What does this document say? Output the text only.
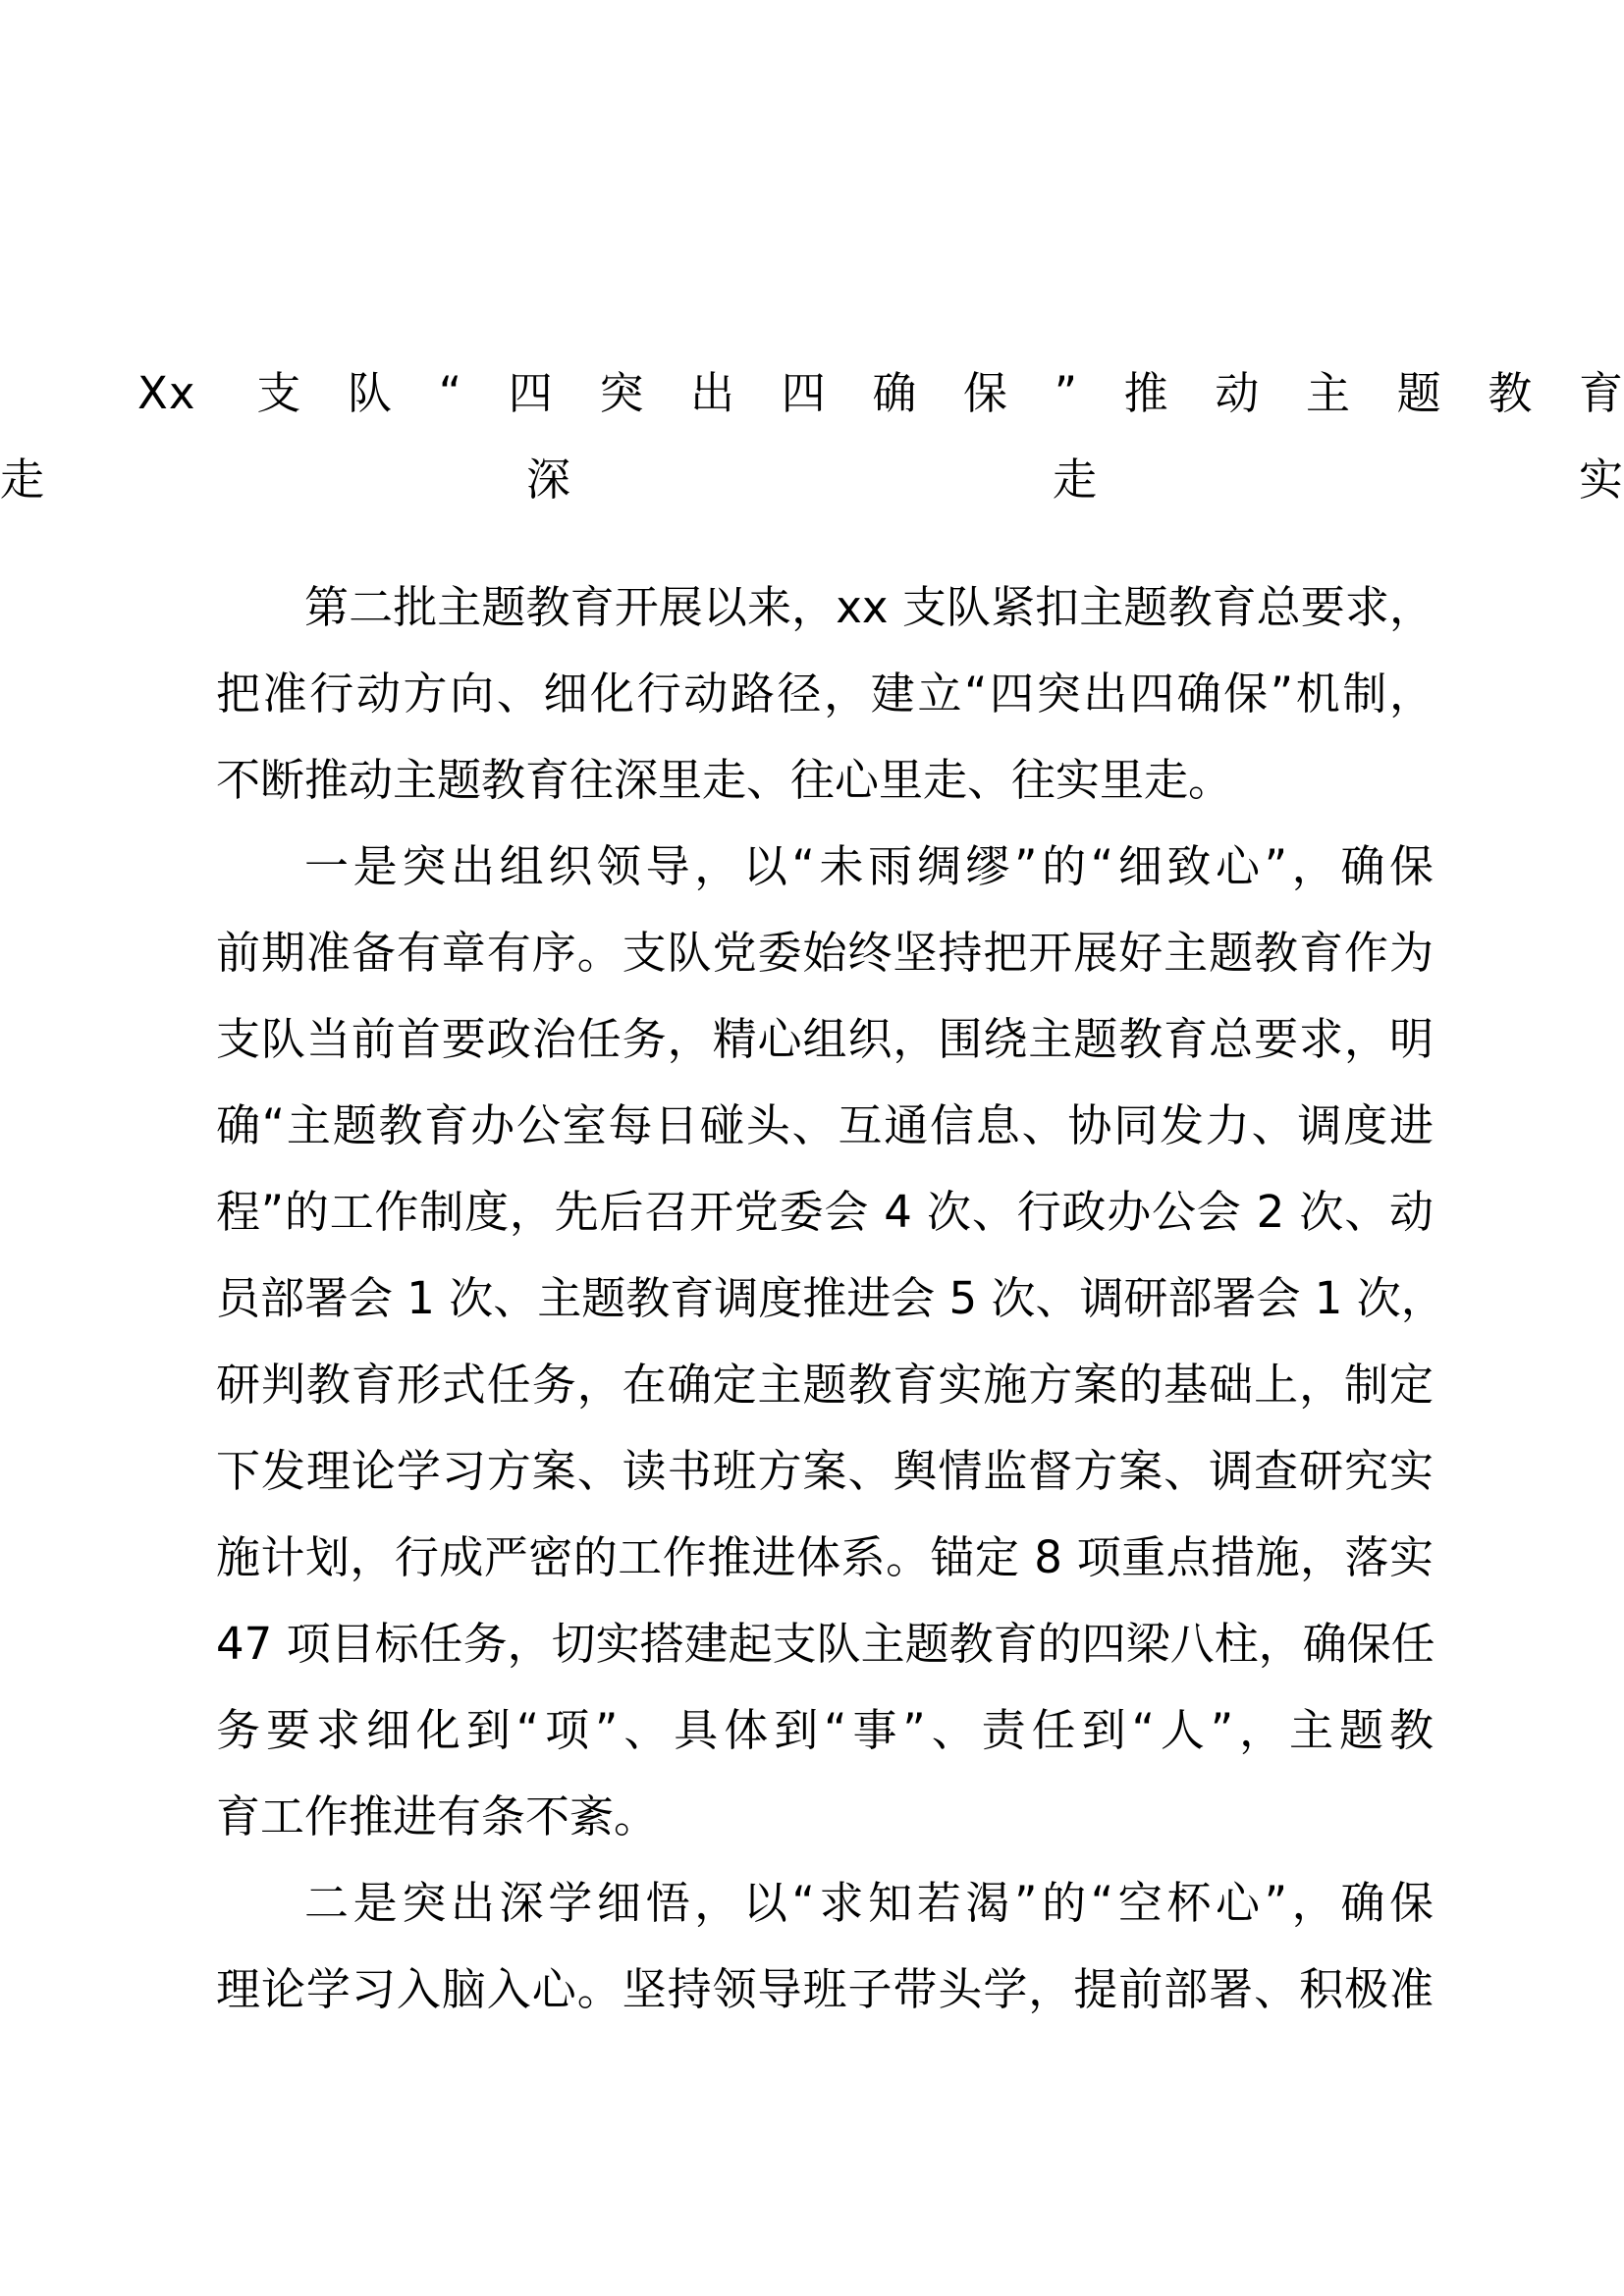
Xx 支队“四突出四确保”推动主题教育
走深走实
第二批主题教育开展以来，xx 支队紧扣主题教育总要求，
把准行动方向、细化行动路径，建立“四突出四确保”机制，
不断推动主题教育往深里走、往心里走、往实里走。
一是突出组织领导，以“未雨绸缪”的“细致心”，确保
前期准备有章有序。支队党委始终坚持把开展好主题教育作为
支队当前首要政治任务，精心组织，围绕主题教育总要求，明
确“主题教育办公室每日碰头、互通信息、协同发力、调度进
程”的工作制度，先后召开党委会 4 次、行政办公会 2 次、动
员部署会 1 次、主题教育调度推进会 5 次、调研部署会 1 次，
研判教育形式任务，在确定主题教育实施方案的基础上，制定
下发理论学习方案、读书班方案、舆情监督方案、调查研究实
施计划，行成严密的工作推进体系。锚定 8 项重点措施，落实
47 项目标任务，切实搭建起支队主题教育的四梁八柱，确保任
务要求细化到“项”、具体到“事”、责任到“人”，主题教
育工作推进有条不紊。
二是突出深学细悟，以“求知若渴”的“空杯心”，确保
理论学习入脑入心。坚持领导班子带头学，提前部署、积极准
